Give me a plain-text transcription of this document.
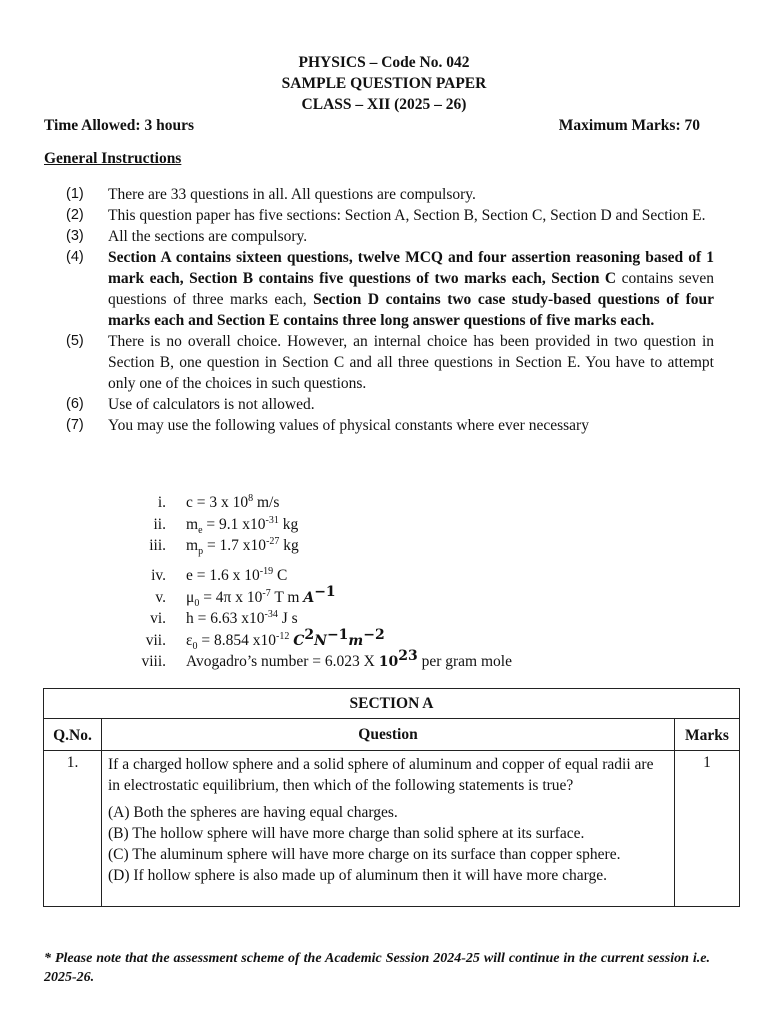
PHYSICS – Code No. 042
SAMPLE QUESTION PAPER
CLASS – XII (2025 – 26)
Time Allowed: 3 hours	Maximum Marks: 70
General Instructions
(1)	There are 33 questions in all. All questions are compulsory.
(2)	This question paper has five sections: Section A, Section B, Section C, Section D and Section E.
(3)	All the sections are compulsory.
(4)	Section A contains sixteen questions, twelve MCQ and four assertion reasoning based of 1 mark each, Section B contains five questions of two marks each, Section C contains seven questions of three marks each, Section D contains two case study-based questions of four marks each and Section E contains three long answer questions of five marks each.
(5)	There is no overall choice. However, an internal choice has been provided in two question in Section B, one question in Section C and all three questions in Section E. You have to attempt only one of the choices in such questions.
(6)	Use of calculators is not allowed.
(7)	You may use the following values of physical constants where ever necessary
i.	c = 3 x $10^8$ m/s
ii.	$m_e = 9.1$ $x10^{-31}$ kg
iii.	$m_p = 1.7$ $x10^{-27}$ kg
iv.	e = 1.6 x $10^{-19}$ C
v.	$\mu_0 = 4\pi$ x $10^{-7}$ T m $A^{-1}$
vi.	h = 6.63 $x10^{-34}$ J s
vii.	$\varepsilon_0 = 8.854$ $x10^{-12}$ $C^2N^{-1}m^{-2}$
viii.	Avogadro’s number = 6.023 X $10^{23}$ per gram mole
SECTION A		
Q.No.	Question	Marks
1.	If a charged hollow sphere and a solid sphere of aluminum and copper of equal radii are in electrostatic equilibrium, then which of the following statements is true?
(A) Both the spheres are having equal charges.
(B) The hollow sphere will have more charge than solid sphere at its surface.
(C) The aluminum sphere will have more charge on its surface than copper sphere.
(D) If hollow sphere is also made up of aluminum then it will have more charge.	1
* Please note that the assessment scheme of the Academic Session 2024-25 will continue in the current session i.e. 2025-26.
